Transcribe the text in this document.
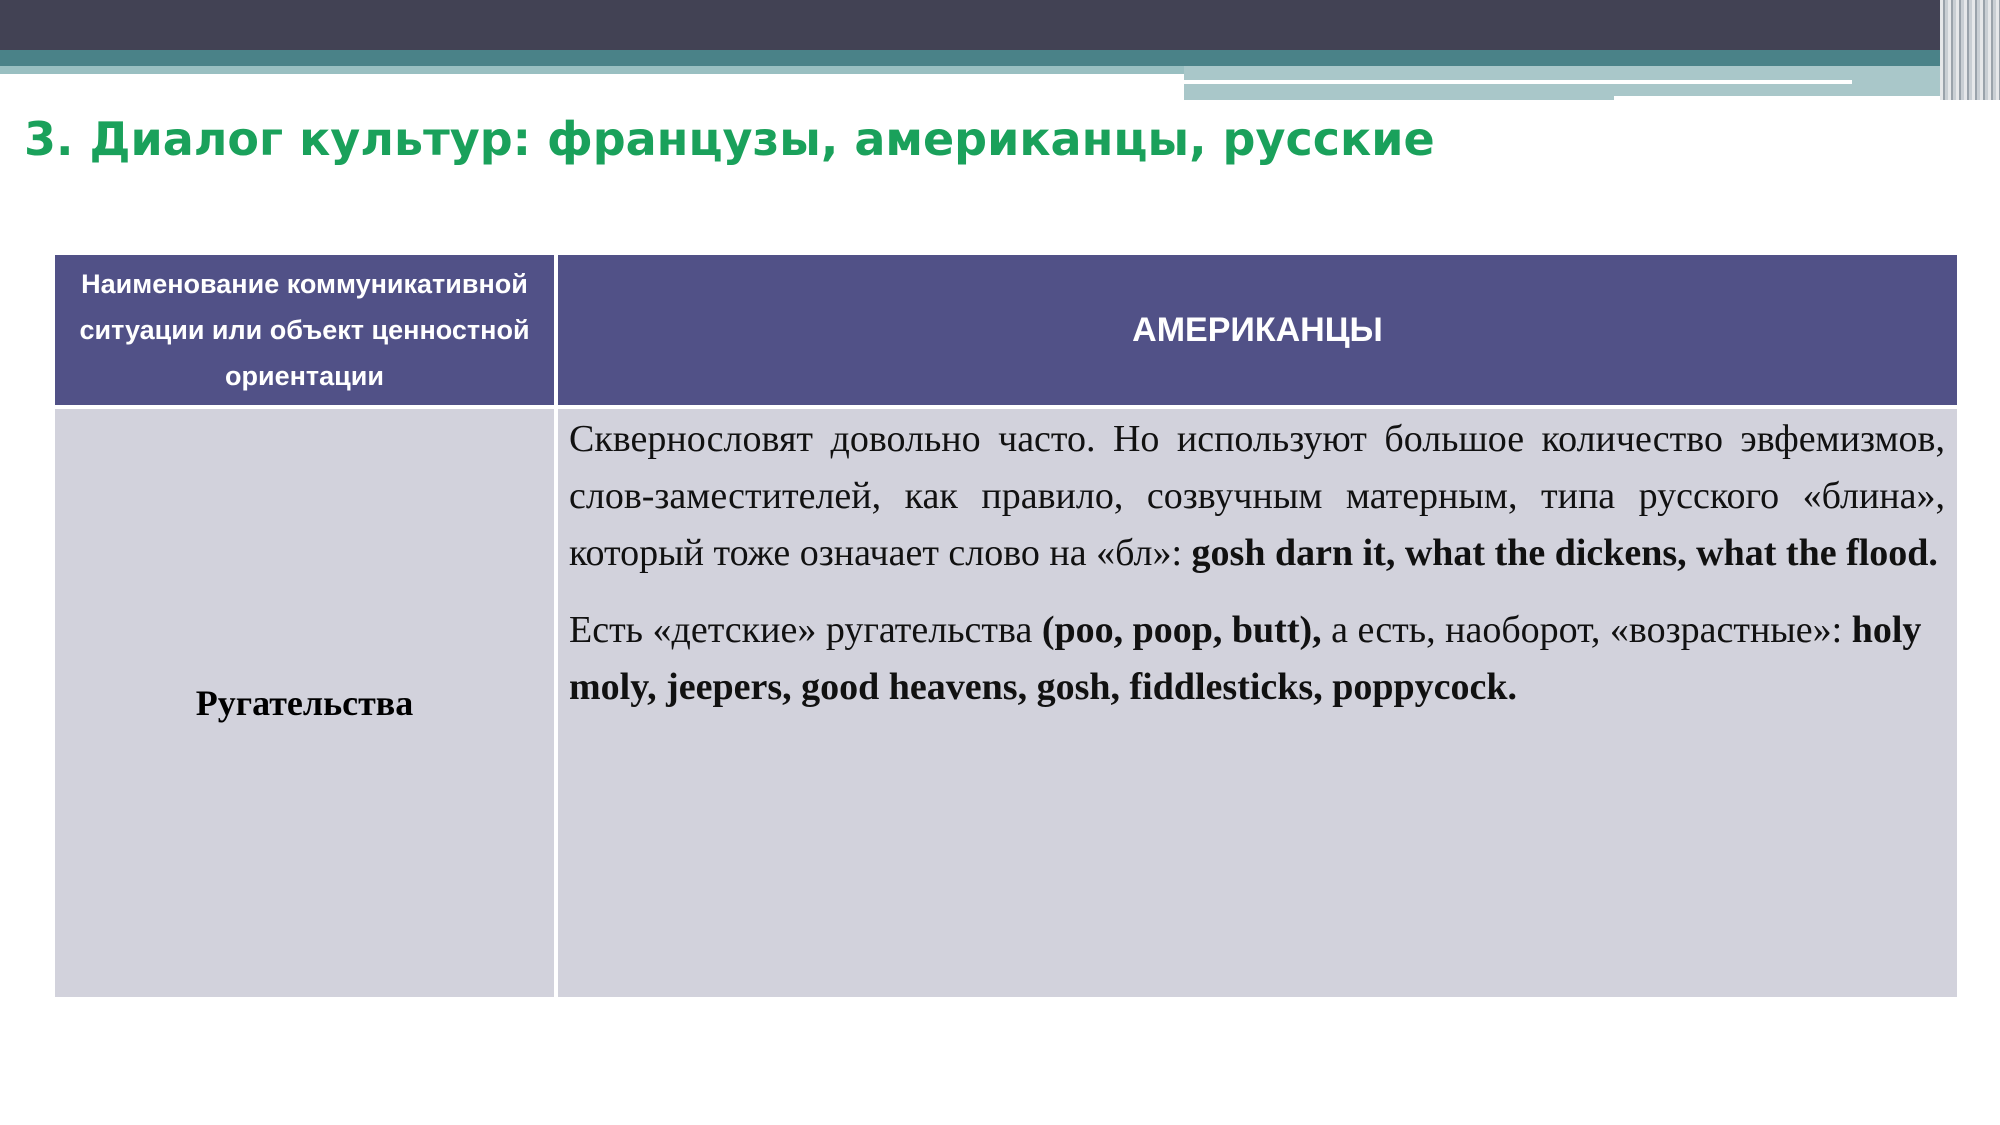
3. Диалог культур: французы, американцы, русские
Наименование коммуникативной ситуации или объект ценностной ориентации
АМЕРИКАНЦЫ
Ругательства

Сквернословят довольно часто. Но используют большое количество эвфемизмов, слов-заместителей, как правило, созвучным матерным, типа русского «блина», который тоже означает слово на «бл»: gosh darn it, what the dickens, what the flood.

Есть «детские» ругательства (poo, poop, butt), а есть, наоборот, «возрастные»: holy moly, jeepers, good heavens, gosh, fiddlesticks, poppycock.
